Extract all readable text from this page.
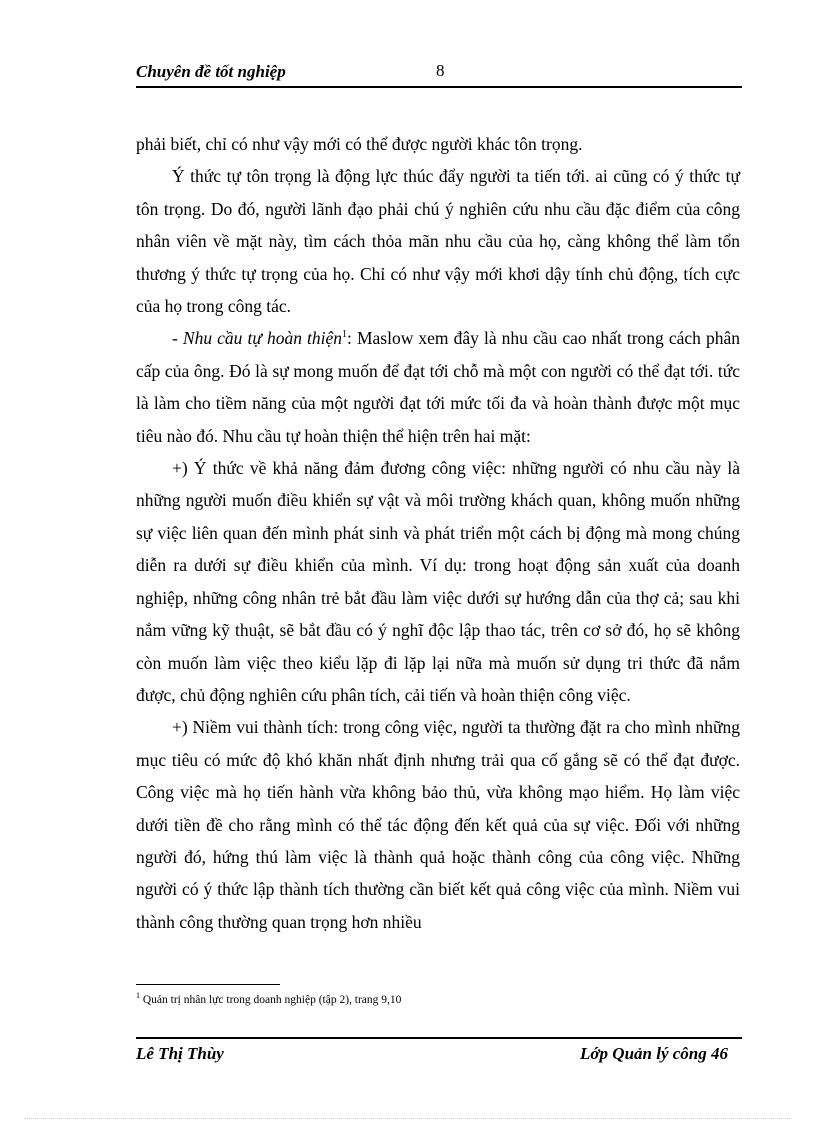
Chuyên đề tốt nghiệp	8

phải biết, chỉ có như vậy mới có thể được người khác tôn trọng.

Ý thức tự tôn trọng là động lực thúc đẩy người ta tiến tới. ai cũng có ý thức tự tôn trọng. Do đó, người lãnh đạo phải chú ý nghiên cứu nhu cầu đặc điểm của công nhân viên về mặt này, tìm cách thỏa mãn nhu cầu của họ, càng không thể làm tổn thương ý thức tự trọng của họ. Chỉ có như vậy mới khơi dậy tính chủ động, tích cực của họ trong công tác.

- Nhu cầu tự hoàn thiện$^1$: Maslow xem đây là nhu cầu cao nhất trong cách phân cấp của ông. Đó là sự mong muốn để đạt tới chỗ mà một con người có thể đạt tới. tức là làm cho tiềm năng của một người đạt tới mức tối đa và hoàn thành được một mục tiêu nào đó. Nhu cầu tự hoàn thiện thể hiện trên hai mặt:

+) Ý thức về khả năng đảm đương công việc: những người có nhu cầu này là những người muốn điều khiển sự vật và môi trường khách quan, không muốn những sự việc liên quan đến mình phát sinh và phát triển một cách bị động mà mong chúng diễn ra dưới sự điều khiển của mình. Ví dụ: trong hoạt động sản xuất của doanh nghiệp, những công nhân trẻ bắt đầu làm việc dưới sự hướng dẫn của thợ cả; sau khi nắm vững kỹ thuật, sẽ bắt đầu có ý nghĩ độc lập thao tác, trên cơ sở đó, họ sẽ không còn muốn làm việc theo kiểu lặp đi lặp lại nữa mà muốn sử dụng tri thức đã nắm được, chủ động nghiên cứu phân tích, cải tiến và hoàn thiện công việc.

+) Niềm vui thành tích: trong công việc, người ta thường đặt ra cho mình những mục tiêu có mức độ khó khăn nhất định nhưng trải qua cố gắng sẽ có thể đạt được. Công việc mà họ tiến hành vừa không bảo thủ, vừa không mạo hiểm. Họ làm việc dưới tiền đề cho rằng mình có thể tác động đến kết quả của sự việc. Đối với những người đó, hứng thú làm việc là thành quả hoặc thành công của công việc. Những người có ý thức lập thành tích thường cần biết kết quả công việc của mình. Niềm vui thành công thường quan trọng hơn nhiều

$^1$ Quản trị nhân lực trong doanh nghiệp (tập 2), trang 9,10
Lê Thị Thùy	Lớp Quản lý công 46
